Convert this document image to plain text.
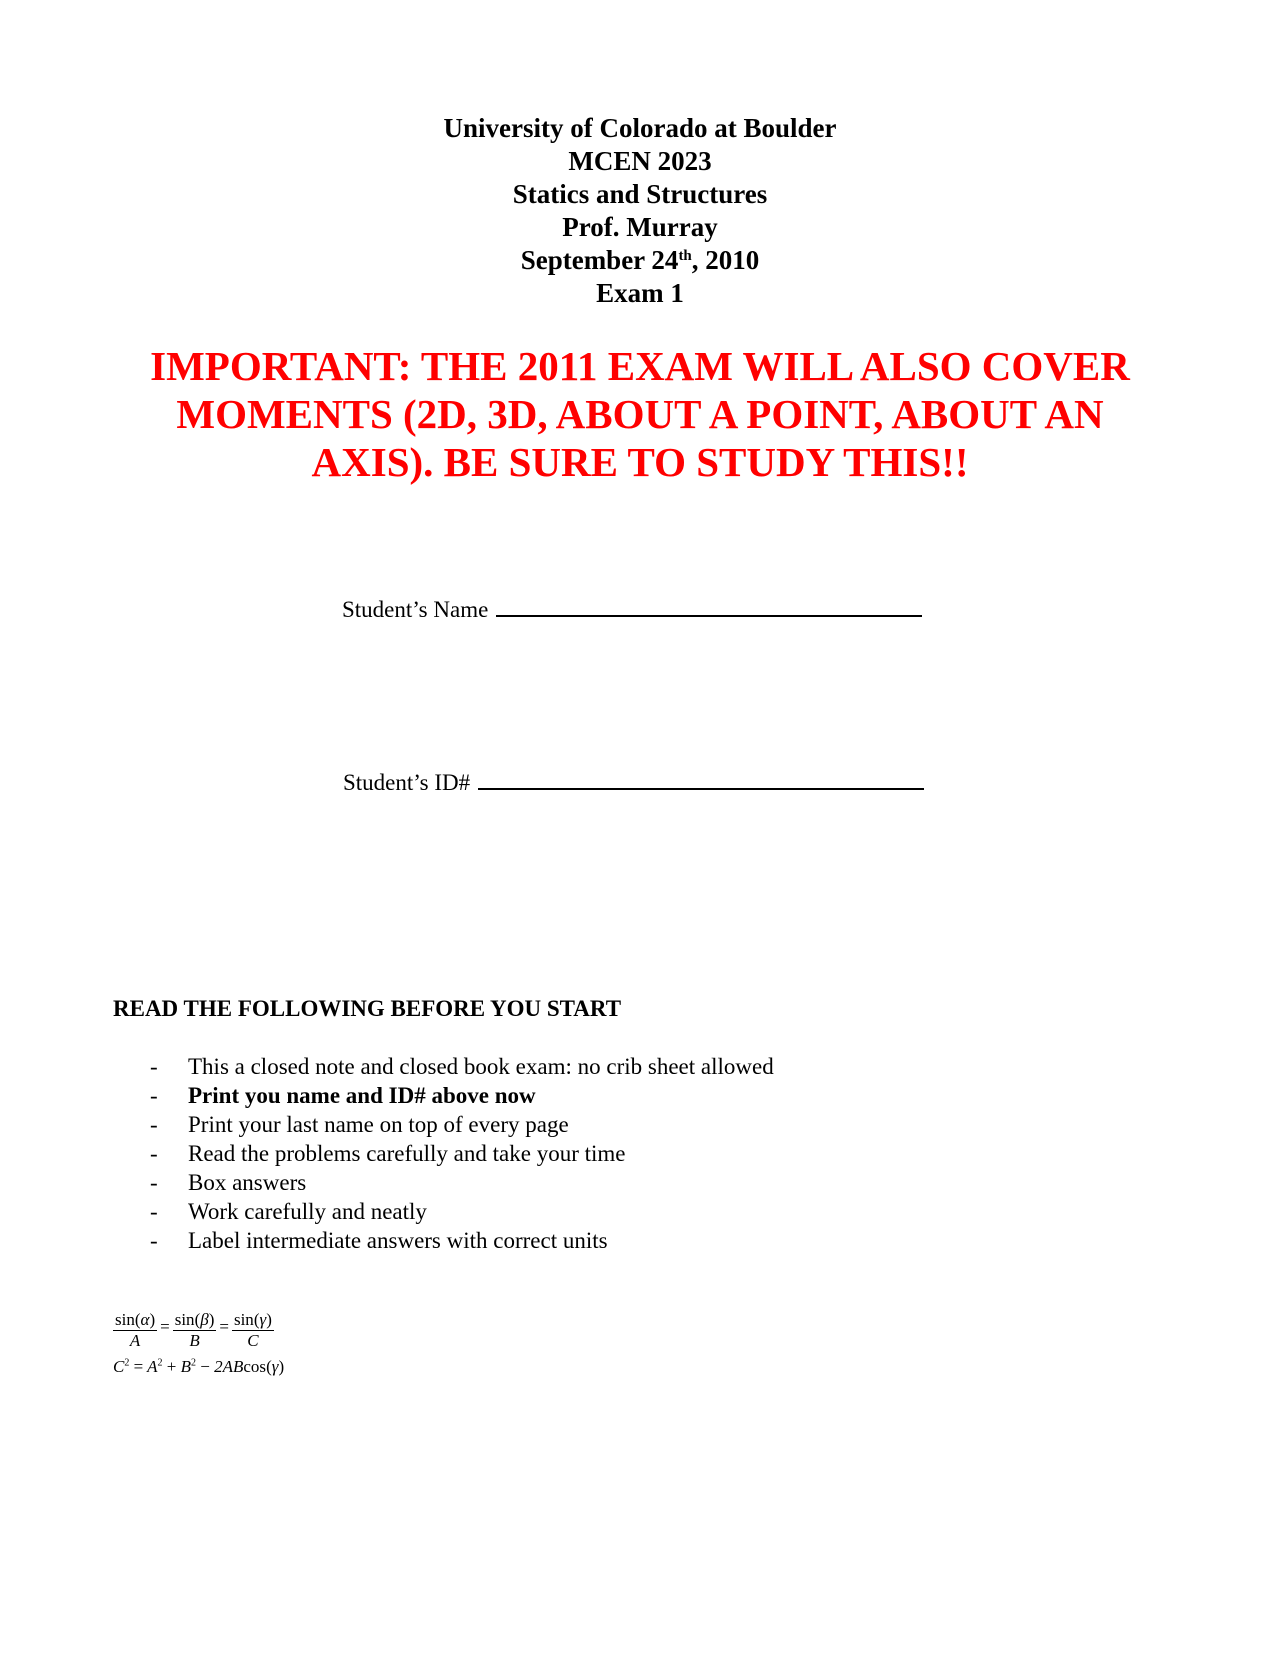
University of Colorado at Boulder
MCEN 2023
Statics and Structures
Prof. Murray
September 24th, 2010
Exam 1
IMPORTANT: THE 2011 EXAM WILL ALSO COVER
MOMENTS (2D, 3D, ABOUT A POINT, ABOUT AN
AXIS). BE SURE TO STUDY THIS!!
Student’s Name
Student’s ID#
READ THE FOLLOWING BEFORE YOU START
- This a closed note and closed book exam: no crib sheet allowed
- Print you name and ID# above now
- Print your last name on top of every page
- Read the problems carefully and take your time
- Box answers
- Work carefully and neatly
- Label intermediate answers with correct units
$\frac{\sin(\alpha)}{A} = \frac{\sin(\beta)}{B} = \frac{\sin(\gamma)}{C}$
$C^2 = A^2 + B^2 - 2ABcos(\gamma)$
